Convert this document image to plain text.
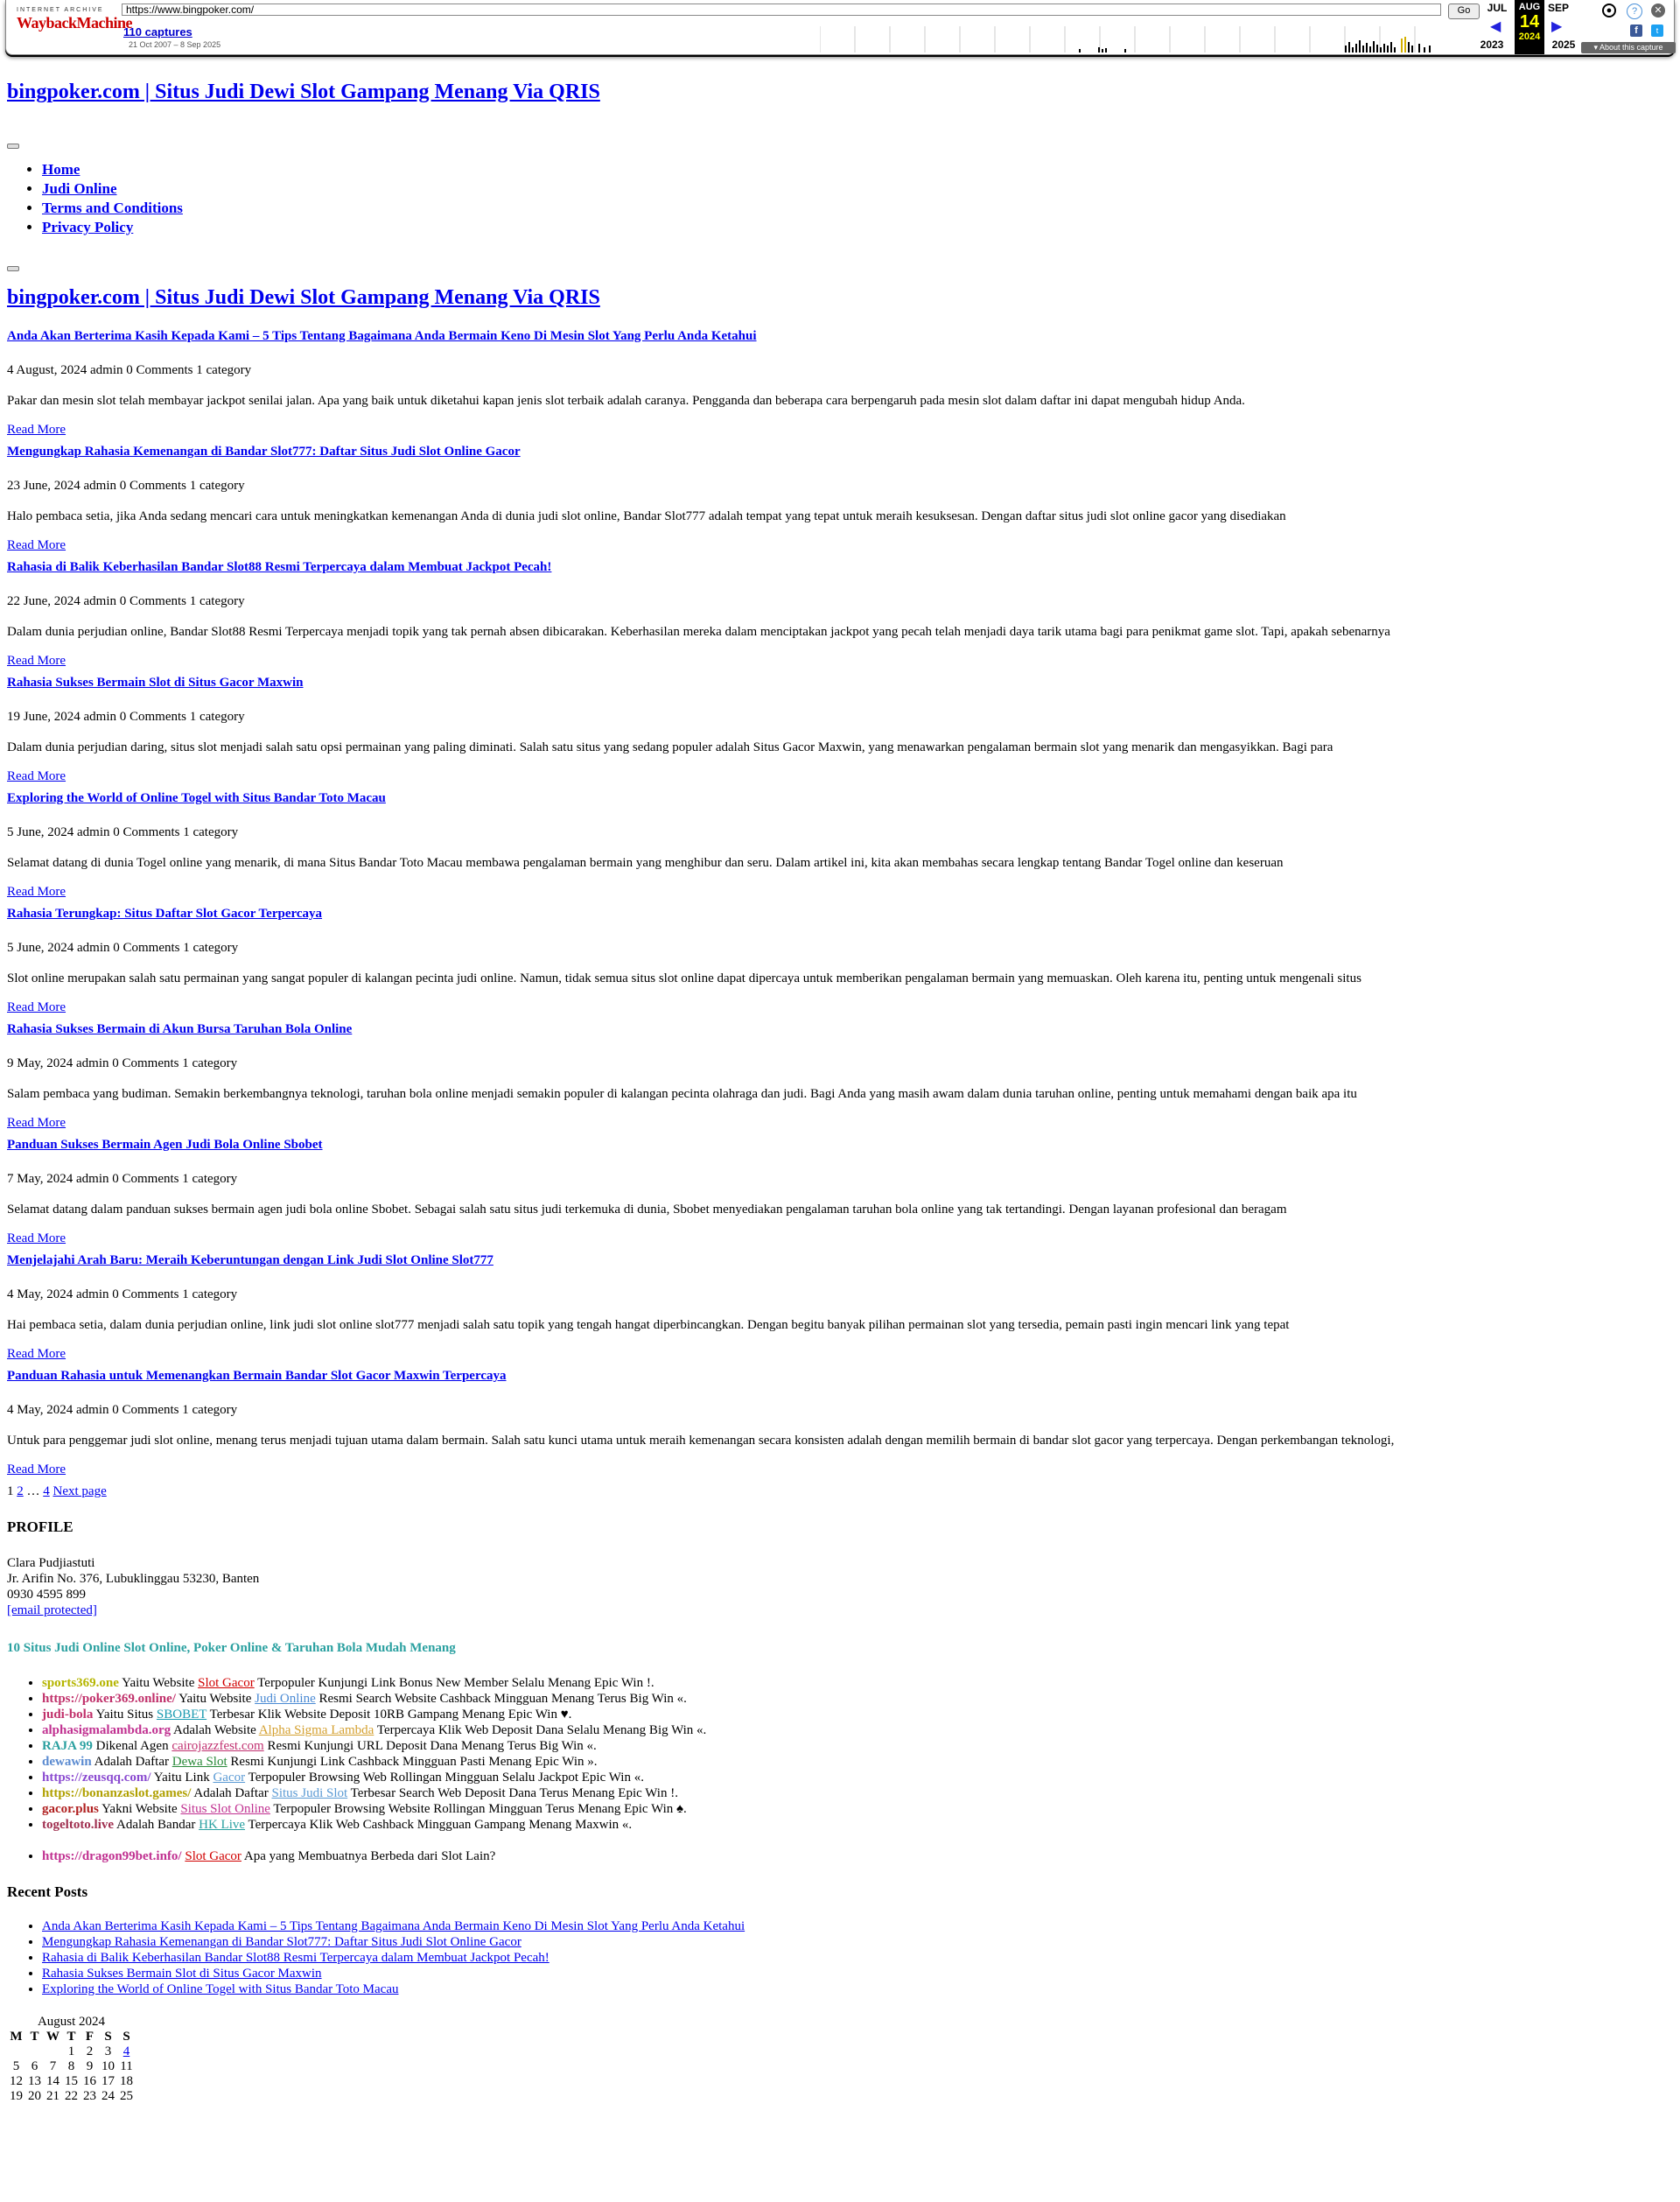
INTERNET ARCHIVE
WaybackMachine
https://www.bingpoker.com/	Go
110 captures
21 Oct 2007 – 8 Sep 2025
JUL
◀
2023
AUG
14
2024
SEP
▶
2025
●	?	✕
f	t
▾ About this capture
bingpoker.com | Situs Judi Dewi Slot Gampang Menang Via QRIS
• Home
• Judi Online
• Terms and Conditions
• Privacy Policy
bingpoker.com | Situs Judi Dewi Slot Gampang Menang Via QRIS
Anda Akan Berterima Kasih Kepada Kami – 5 Tips Tentang Bagaimana Anda Bermain Keno Di Mesin Slot Yang Perlu Anda Ketahui
4 August, 2024 admin 0 Comments 1 category
Pakar dan mesin slot telah membayar jackpot senilai jalan. Apa yang baik untuk diketahui kapan jenis slot terbaik adalah caranya. Pengganda dan beberapa cara berpengaruh pada mesin slot dalam daftar ini dapat mengubah hidup Anda.
Read More
Mengungkap Rahasia Kemenangan di Bandar Slot777: Daftar Situs Judi Slot Online Gacor
23 June, 2024 admin 0 Comments 1 category
Halo pembaca setia, jika Anda sedang mencari cara untuk meningkatkan kemenangan Anda di dunia judi slot online, Bandar Slot777 adalah tempat yang tepat untuk meraih kesuksesan. Dengan daftar situs judi slot online gacor yang disediakan
Read More
Rahasia di Balik Keberhasilan Bandar Slot88 Resmi Terpercaya dalam Membuat Jackpot Pecah!
22 June, 2024 admin 0 Comments 1 category
Dalam dunia perjudian online, Bandar Slot88 Resmi Terpercaya menjadi topik yang tak pernah absen dibicarakan. Keberhasilan mereka dalam menciptakan jackpot yang pecah telah menjadi daya tarik utama bagi para penikmat game slot. Tapi, apakah sebenarnya
Read More
Rahasia Sukses Bermain Slot di Situs Gacor Maxwin
19 June, 2024 admin 0 Comments 1 category
Dalam dunia perjudian daring, situs slot menjadi salah satu opsi permainan yang paling diminati. Salah satu situs yang sedang populer adalah Situs Gacor Maxwin, yang menawarkan pengalaman bermain slot yang menarik dan mengasyikkan. Bagi para
Read More
Exploring the World of Online Togel with Situs Bandar Toto Macau
5 June, 2024 admin 0 Comments 1 category
Selamat datang di dunia Togel online yang menarik, di mana Situs Bandar Toto Macau membawa pengalaman bermain yang menghibur dan seru. Dalam artikel ini, kita akan membahas secara lengkap tentang Bandar Togel online dan keseruan
Read More
Rahasia Terungkap: Situs Daftar Slot Gacor Terpercaya
5 June, 2024 admin 0 Comments 1 category
Slot online merupakan salah satu permainan yang sangat populer di kalangan pecinta judi online. Namun, tidak semua situs slot online dapat dipercaya untuk memberikan pengalaman bermain yang memuaskan. Oleh karena itu, penting untuk mengenali situs
Read More
Rahasia Sukses Bermain di Akun Bursa Taruhan Bola Online
9 May, 2024 admin 0 Comments 1 category
Salam pembaca yang budiman. Semakin berkembangnya teknologi, taruhan bola online menjadi semakin populer di kalangan pecinta olahraga dan judi. Bagi Anda yang masih awam dalam dunia taruhan online, penting untuk memahami dengan baik apa itu
Read More
Panduan Sukses Bermain Agen Judi Bola Online Sbobet
7 May, 2024 admin 0 Comments 1 category
Selamat datang dalam panduan sukses bermain agen judi bola online Sbobet. Sebagai salah satu situs judi terkemuka di dunia, Sbobet menyediakan pengalaman taruhan bola online yang tak tertandingi. Dengan layanan profesional dan beragam
Read More
Menjelajahi Arah Baru: Meraih Keberuntungan dengan Link Judi Slot Online Slot777
4 May, 2024 admin 0 Comments 1 category
Hai pembaca setia, dalam dunia perjudian online, link judi slot online slot777 menjadi salah satu topik yang tengah hangat diperbincangkan. Dengan begitu banyak pilihan permainan slot yang tersedia, pemain pasti ingin mencari link yang tepat
Read More
Panduan Rahasia untuk Memenangkan Bermain Bandar Slot Gacor Maxwin Terpercaya
4 May, 2024 admin 0 Comments 1 category
Untuk para penggemar judi slot online, menang terus menjadi tujuan utama dalam bermain. Salah satu kunci utama untuk meraih kemenangan secara konsisten adalah dengan memilih bermain di bandar slot gacor yang terpercaya. Dengan perkembangan teknologi,
Read More
1 2 … 4 Next page
PROFILE
Clara Pudjiastuti
Jr. Arifin No. 376, Lubuklinggau 53230, Banten
0930 4595 899
[email protected]
10 Situs Judi Online Slot Online, Poker Online & Taruhan Bola Mudah Menang
• sports369.one Yaitu Website Slot Gacor Terpopuler Kunjungi Link Bonus New Member Selalu Menang Epic Win !.
• https://poker369.online/ Yaitu Website Judi Online Resmi Search Website Cashback Mingguan Menang Terus Big Win «.
• judi-bola Yaitu Situs SBOBET Terbesar Klik Website Deposit 10RB Gampang Menang Epic Win ♥.
• alphasigmalambda.org Adalah Website Alpha Sigma Lambda Terpercaya Klik Web Deposit Dana Selalu Menang Big Win «.
• RAJA 99 Dikenal Agen cairojazzfest.com Resmi Kunjungi URL Deposit Dana Menang Terus Big Win «.
• dewawin Adalah Daftar Dewa Slot Resmi Kunjungi Link Cashback Mingguan Pasti Menang Epic Win ».
• https://zeusqq.com/ Yaitu Link Gacor Terpopuler Browsing Web Rollingan Mingguan Selalu Jackpot Epic Win «.
• https://bonanzaslot.games/ Adalah Daftar Situs Judi Slot Terbesar Search Web Deposit Dana Terus Menang Epic Win !.
• gacor.plus Yakni Website Situs Slot Online Terpopuler Browsing Website Rollingan Mingguan Terus Menang Epic Win ♠.
• togeltoto.live Adalah Bandar HK Live Terpercaya Klik Web Cashback Mingguan Gampang Menang Maxwin «.
• https://dragon99bet.info/ Slot Gacor Apa yang Membuatnya Berbeda dari Slot Lain?
Recent Posts
• Anda Akan Berterima Kasih Kepada Kami – 5 Tips Tentang Bagaimana Anda Bermain Keno Di Mesin Slot Yang Perlu Anda Ketahui
• Mengungkap Rahasia Kemenangan di Bandar Slot777: Daftar Situs Judi Slot Online Gacor
• Rahasia di Balik Keberhasilan Bandar Slot88 Resmi Terpercaya dalam Membuat Jackpot Pecah!
• Rahasia Sukses Bermain Slot di Situs Gacor Maxwin
• Exploring the World of Online Togel with Situs Bandar Toto Macau
August 2024
M	T	W	T	F	S	S
			1	2	3	4
5	6	7	8	9	10	11
12	13	14	15	16	17	18
19	20	21	22	23	24	25
